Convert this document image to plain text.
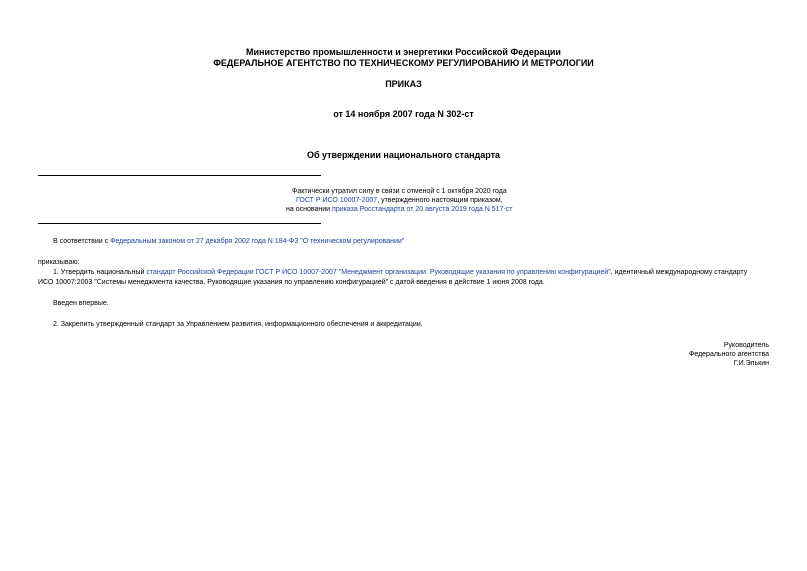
Министерство промышленности и энергетики Российской Федерации
ФЕДЕРАЛЬНОЕ АГЕНТСТВО ПО ТЕХНИЧЕСКОМУ РЕГУЛИРОВАНИЮ И МЕТРОЛОГИИ
ПРИКАЗ
от 14 ноября 2007 года N 302-ст
Об утверждении национального стандарта
Фактически утратил силу в связи с отменой с 1 октября 2020 года
ГОСТ Р ИСО 10007-2007, утвержденного настоящим приказом,
на основании приказа Росстандарта от 20 августа 2019 года N 517-ст
В соответствии с Федеральным законом от 27 декабря 2002 года N 184-ФЗ "О техническом регулировании"
приказываю:
1. Утвердить национальный стандарт Российской Федерации ГОСТ Р ИСО 10007-2007 "Менеджмент организации. Руководящие указания по управлению конфигурацией", идентичный международному стандарту
ИСО 10007:2003 "Системы менеджмента качества. Руководящие указания по управлению конфигурацией" с датой введения в действие 1 июня 2008 года.
Введен впервые.
2. Закрепить утвержденный стандарт за Управлением развития, информационного обеспечения и аккредитации.
Руководитель
Федерального агентства
Г.И.Элькин
